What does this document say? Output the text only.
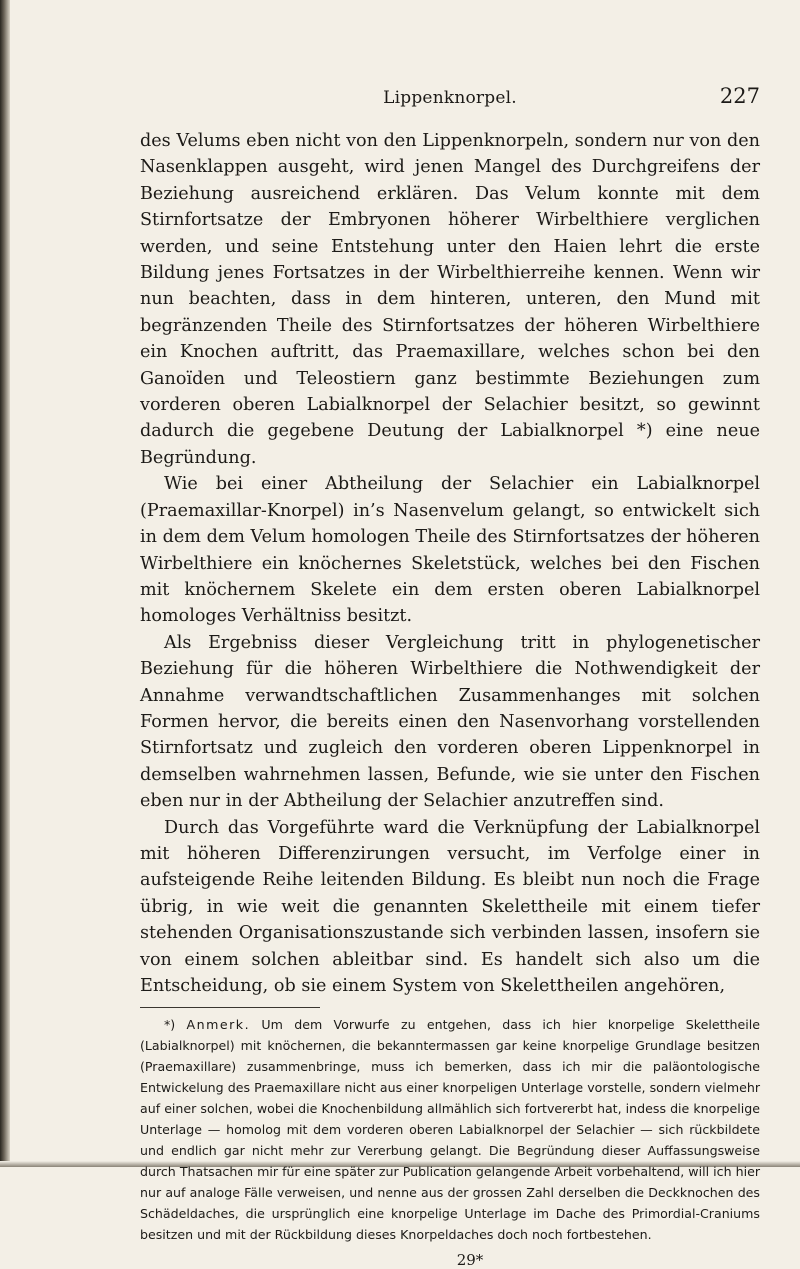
Lippenknorpel.	227

des Velums eben nicht von den Lippenknorpeln, sondern nur von den Nasenklappen ausgeht, wird jenen Mangel des Durchgreifens der Beziehung ausreichend erklären. Das Velum konnte mit dem Stirnfortsatze der Embryonen höherer Wirbelthiere verglichen werden, und seine Entstehung unter den Haien lehrt die erste Bildung jenes Fortsatzes in der Wirbelthierreihe kennen. Wenn wir nun beachten, dass in dem hinteren, unteren, den Mund mit begränzenden Theile des Stirnfortsatzes der höheren Wirbelthiere ein Knochen auftritt, das Praemaxillare, welches schon bei den Ganoïden und Teleostiern ganz bestimmte Beziehungen zum vorderen oberen Labialknorpel der Selachier besitzt, so gewinnt dadurch die gegebene Deutung der Labialknorpel *) eine neue Begründung.

Wie bei einer Abtheilung der Selachier ein Labialknorpel (Praemaxillar-Knorpel) in’s Nasenvelum gelangt, so entwickelt sich in dem dem Velum homologen Theile des Stirnfortsatzes der höheren Wirbelthiere ein knöchernes Skeletstück, welches bei den Fischen mit knöchernem Skelete ein dem ersten oberen Labialknorpel homologes Verhältniss besitzt.

Als Ergebniss dieser Vergleichung tritt in phylogenetischer Beziehung für die höheren Wirbelthiere die Nothwendigkeit der Annahme verwandtschaftlichen Zusammenhanges mit solchen Formen hervor, die bereits einen den Nasenvorhang vorstellenden Stirnfortsatz und zugleich den vorderen oberen Lippenknorpel in demselben wahrnehmen lassen, Befunde, wie sie unter den Fischen eben nur in der Abtheilung der Selachier anzutreffen sind.

Durch das Vorgeführte ward die Verknüpfung der Labialknorpel mit höheren Differenzirungen versucht, im Verfolge einer in aufsteigende Reihe leitenden Bildung. Es bleibt nun noch die Frage übrig, in wie weit die genannten Skelettheile mit einem tiefer stehenden Organisationszustande sich verbinden lassen, insofern sie von einem solchen ableitbar sind. Es handelt sich also um die Entscheidung, ob sie einem System von Skelettheilen angehören,

*) Anmerk. Um dem Vorwurfe zu entgehen, dass ich hier knorpelige Skelettheile (Labialknorpel) mit knöchernen, die bekanntermassen gar keine knorpelige Grundlage besitzen (Praemaxillare) zusammenbringe, muss ich bemerken, dass ich mir die paläontologische Entwickelung des Praemaxillare nicht aus einer knorpeligen Unterlage vorstelle, sondern vielmehr auf einer solchen, wobei die Knochenbildung allmählich sich fortvererbt hat, indess die knorpelige Unterlage — homolog mit dem vorderen oberen Labialknorpel der Selachier — sich rückbildete und endlich gar nicht mehr zur Vererbung gelangt. Die Begründung dieser Auffassungsweise durch Thatsachen mir für eine später zur Publication gelangende Arbeit vorbehaltend, will ich hier nur auf analoge Fälle verweisen, und nenne aus der grossen Zahl derselben die Deckknochen des Schädeldaches, die ursprünglich eine knorpelige Unterlage im Dache des Primordial-Craniums besitzen und mit der Rückbildung dieses Knorpeldaches doch noch fortbestehen.

29*
